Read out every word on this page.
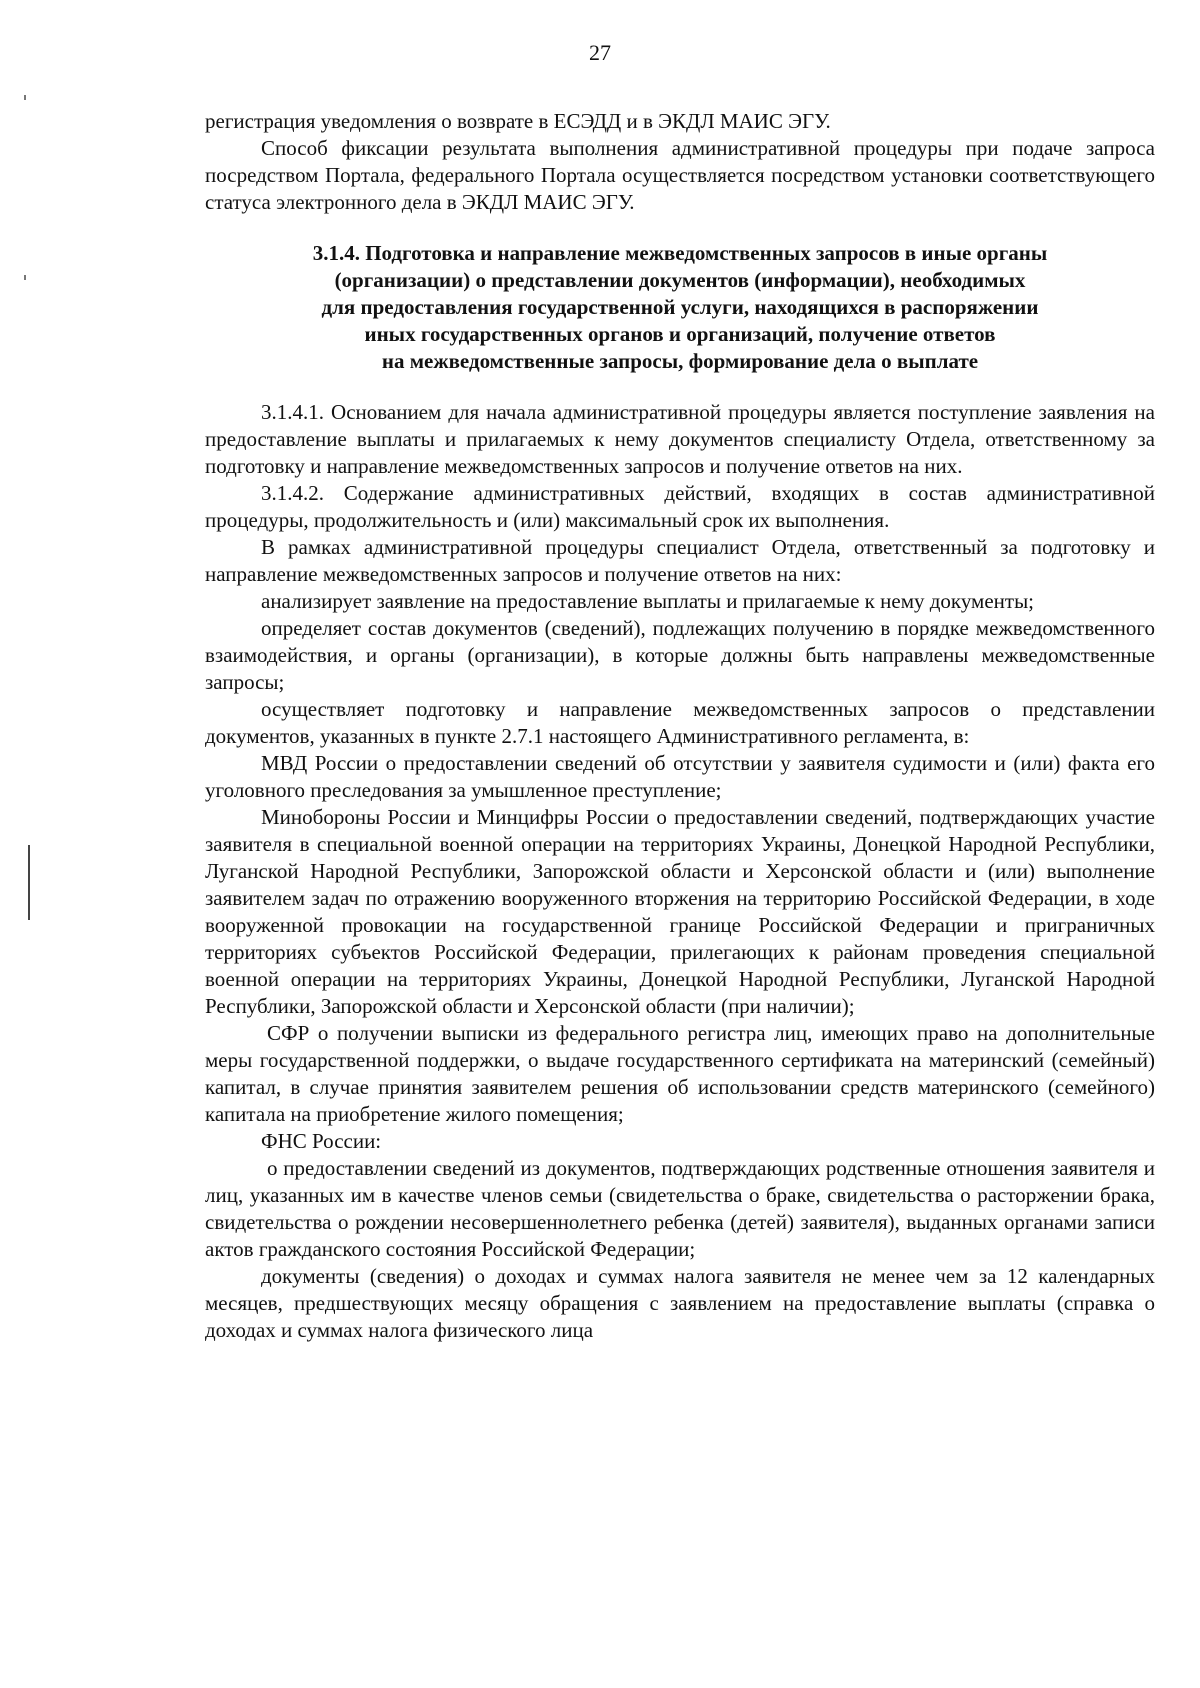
27

регистрация уведомления о возврате в ЕСЭДД и в ЭКДЛ МАИС ЭГУ.

Способ фиксации результата выполнения административной процедуры при подаче запроса посредством Портала, федерального Портала осуществляется посредством установки соответствующего статуса электронного дела в ЭКДЛ МАИС ЭГУ.

3.1.4. Подготовка и направление межведомственных запросов в иные органы
(организации) о представлении документов (информации), необходимых
для предоставления государственной услуги, находящихся в распоряжении
иных государственных органов и организаций, получение ответов
на межведомственные запросы, формирование дела о выплате

3.1.4.1. Основанием для начала административной процедуры является поступление заявления на предоставление выплаты и прилагаемых к нему документов специалисту Отдела, ответственному за подготовку и направление межведомственных запросов и получение ответов на них.

3.1.4.2. Содержание административных действий, входящих в состав административной процедуры, продолжительность и (или) максимальный срок их выполнения.

В рамках административной процедуры специалист Отдела, ответственный за подготовку и направление межведомственных запросов и получение ответов на них:

анализирует заявление на предоставление выплаты и прилагаемые к нему документы;

определяет состав документов (сведений), подлежащих получению в порядке межведомственного взаимодействия, и органы (организации), в которые должны быть направлены межведомственные запросы;

осуществляет подготовку и направление межведомственных запросов о представлении документов, указанных в пункте 2.7.1 настоящего Административного регламента, в:

МВД России о предоставлении сведений об отсутствии у заявителя судимости и (или) факта его уголовного преследования за умышленное преступление;

Минобороны России и Минцифры России о предоставлении сведений, подтверждающих участие заявителя в специальной военной операции на территориях Украины, Донецкой Народной Республики, Луганской Народной Республики, Запорожской области и Херсонской области и (или) выполнение заявителем задач по отражению вооруженного вторжения на территорию Российской Федерации, в ходе вооруженной провокации на государственной границе Российской Федерации и приграничных территориях субъектов Российской Федерации, прилегающих к районам проведения специальной военной операции на территориях Украины, Донецкой Народной Республики, Луганской Народной Республики, Запорожской области и Херсонской области (при наличии);

СФР о получении выписки из федерального регистра лиц, имеющих право на дополнительные меры государственной поддержки, о выдаче государственного сертификата на материнский (семейный) капитал, в случае принятия заявителем решения об использовании средств материнского (семейного) капитала на приобретение жилого помещения;

ФНС России:

о предоставлении сведений из документов, подтверждающих родственные отношения заявителя и лиц, указанных им в качестве членов семьи (свидетельства о браке, свидетельства о расторжении брака, свидетельства о рождении несовершеннолетнего ребенка (детей) заявителя), выданных органами записи актов гражданского состояния Российской Федерации;

документы (сведения) о доходах и суммах налога заявителя не менее чем за 12 календарных месяцев, предшествующих месяцу обращения с заявлением на предоставление выплаты (справка о доходах и суммах налога физического лица
